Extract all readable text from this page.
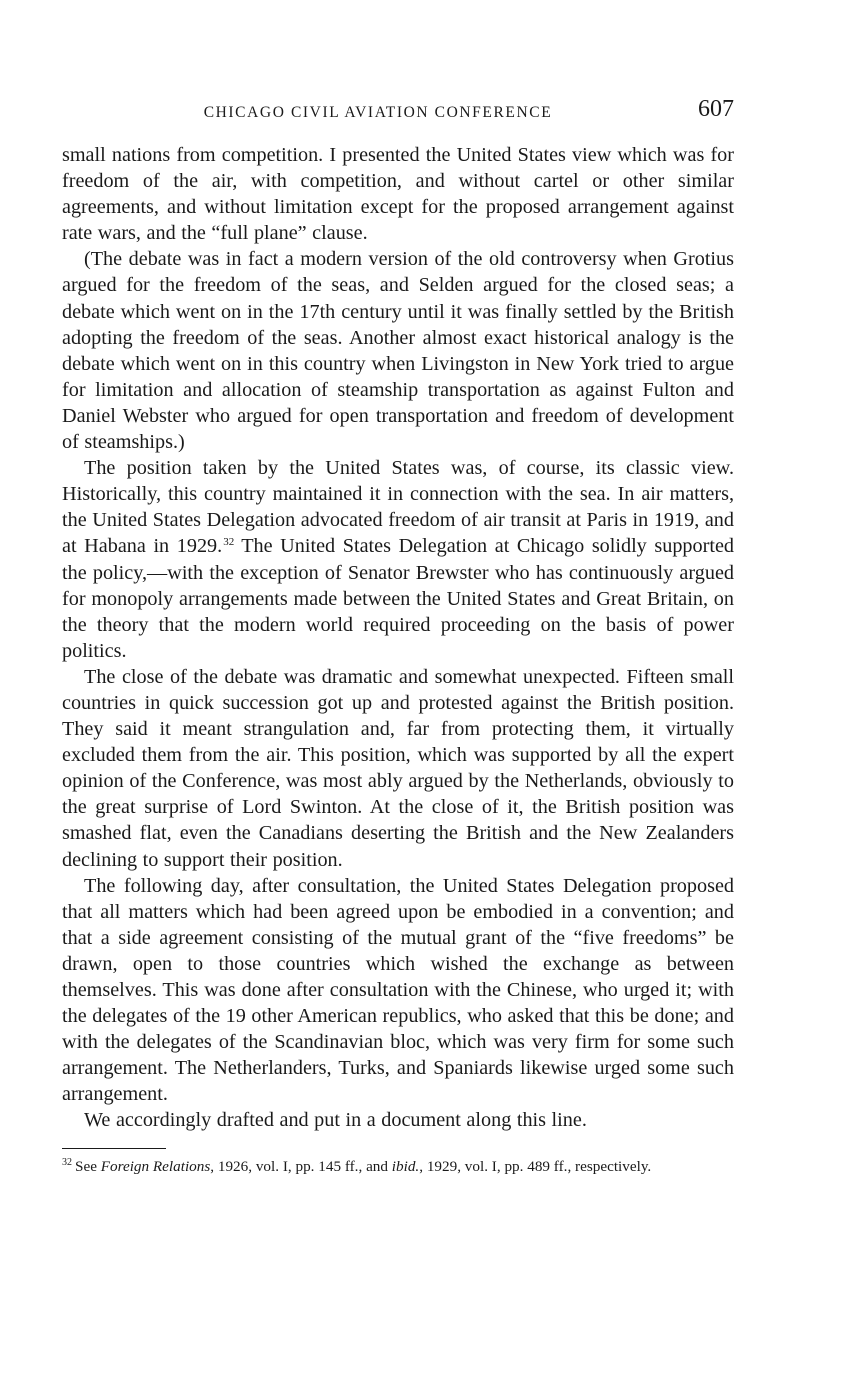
CHICAGO CIVIL AVIATION CONFERENCE	607

small nations from competition. I presented the United States view which was for freedom of the air, with competition, and without cartel or other similar agreements, and without limitation except for the proposed arrangement against rate wars, and the “full plane” clause.

(The debate was in fact a modern version of the old controversy when Grotius argued for the freedom of the seas, and Selden argued for the closed seas; a debate which went on in the 17th century until it was finally settled by the British adopting the freedom of the seas. Another almost exact historical analogy is the debate which went on in this country when Livingston in New York tried to argue for limitation and allocation of steamship transportation as against Fulton and Daniel Webster who argued for open transportation and freedom of development of steamships.)

The position taken by the United States was, of course, its classic view. Historically, this country maintained it in connection with the sea. In air matters, the United States Delegation advocated freedom of air transit at Paris in 1919, and at Habana in 1929.32 The United States Delegation at Chicago solidly supported the policy,—with the exception of Senator Brewster who has continuously argued for monopoly arrangements made between the United States and Great Britain, on the theory that the modern world required proceeding on the basis of power politics.

The close of the debate was dramatic and somewhat unexpected. Fifteen small countries in quick succession got up and protested against the British position. They said it meant strangulation and, far from protecting them, it virtually excluded them from the air. This position, which was supported by all the expert opinion of the Conference, was most ably argued by the Netherlands, obviously to the great surprise of Lord Swinton. At the close of it, the British position was smashed flat, even the Canadians deserting the British and the New Zealanders declining to support their position.

The following day, after consultation, the United States Delegation proposed that all matters which had been agreed upon be embodied in a convention; and that a side agreement consisting of the mutual grant of the “five freedoms” be drawn, open to those countries which wished the exchange as between themselves. This was done after consultation with the Chinese, who urged it; with the delegates of the 19 other American republics, who asked that this be done; and with the delegates of the Scandinavian bloc, which was very firm for some such arrangement. The Netherlanders, Turks, and Spaniards likewise urged some such arrangement.

We accordingly drafted and put in a document along this line.

$^{32}$ See Foreign Relations, 1926, vol. I, pp. 145 ff., and ibid., 1929, vol. I, pp. 489 ff., respectively.
